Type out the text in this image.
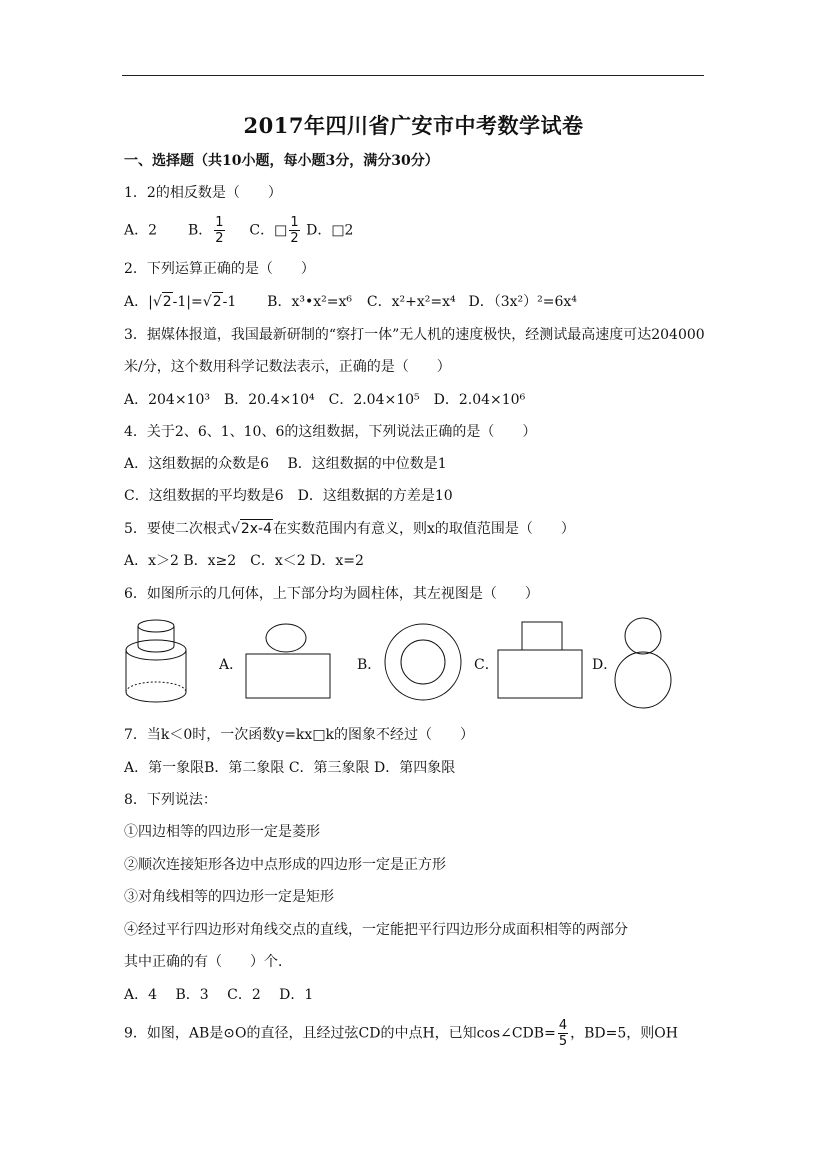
2017年四川省广安市中考数学试卷
一、选择题（共10小题，每小题3分，满分30分）
1．2的相反数是（　　）
A．2 B． $\frac{1}{2}$ C．□ $\frac{1}{2}$ D．□2
2．下列运算正确的是（　　）
A．|√2-1|=√2-1 B．x³•x²=x⁶ C．x²+x²=x⁴ D．（3x²）²=6x⁴
3．据媒体报道，我国最新研制的“察打一体”无人机的速度极快，经测试最高速度可达204000
米/分，这个数用科学记数法表示，正确的是（　　）
A．204×10³　B．20.4×10⁴　C．2.04×10⁵　D．2.04×10⁶
4．关于2、6、1、10、6的这组数据，下列说法正确的是（　　）
A．这组数据的众数是6　 B．这组数据的中位数是1
C．这组数据的平均数是6　D．这组数据的方差是10
5．要使二次根式√2x-4在实数范围内有意义，则x的取值范围是（　　）
A．x＞2 B．x≥2　C．x＜2 D．x=2
6．如图所示的几何体，上下部分均为圆柱体，其左视图是（　　）
A．	B．	C．	D．
7．当k＜0时，一次函数y=kx□k的图象不经过（　　）
A．第一象限B．第二象限 C．第三象限 D．第四象限
8．下列说法：
①四边相等的四边形一定是菱形
②顺次连接矩形各边中点形成的四边形一定是正方形
③对角线相等的四边形一定是矩形
④经过平行四边形对角线交点的直线，一定能把平行四边形分成面积相等的两部分
其中正确的有（　　）个．
A．4　 B．3　 C．2　 D．1
9．如图，AB是⊙O的直径，且经过弦CD的中点H，已知cos∠CDB= $\frac{4}{5}$ ，BD=5，则OH
